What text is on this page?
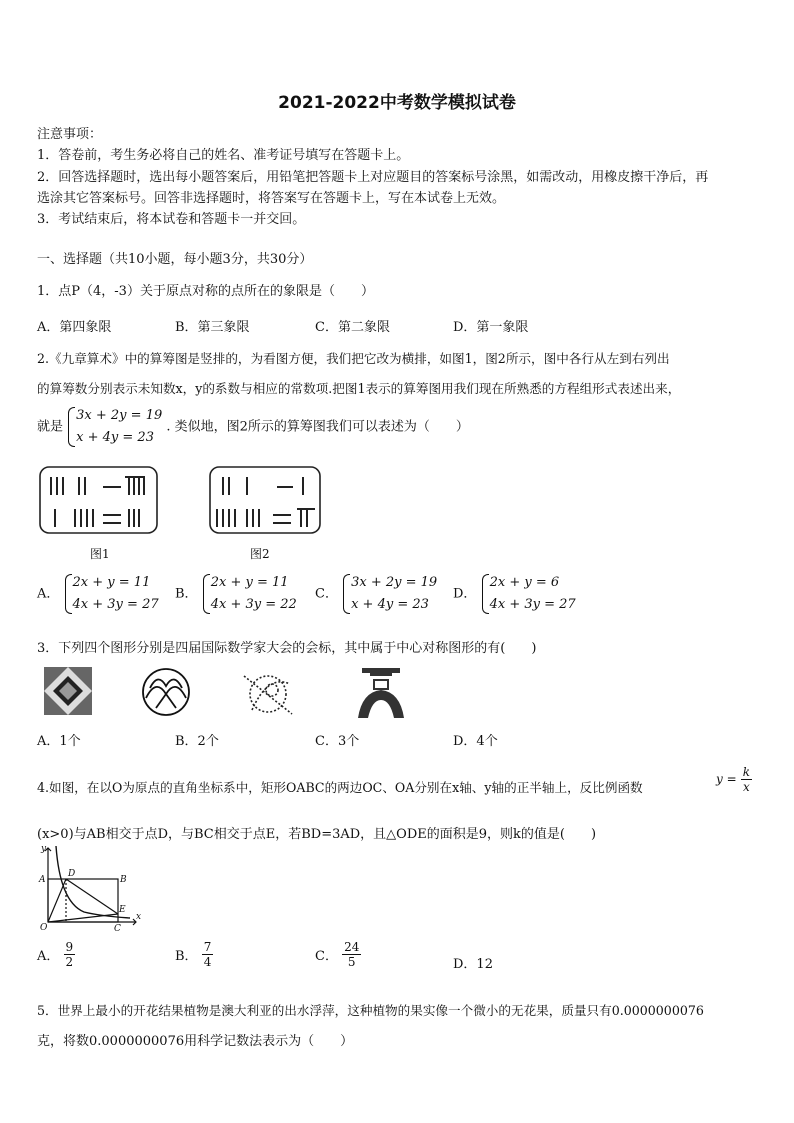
2021-2022中考数学模拟试卷
注意事项：
1．答卷前，考生务必将自己的姓名、准考证号填写在答题卡上。
2．回答选择题时，选出每小题答案后，用铅笔把答题卡上对应题目的答案标号涂黑，如需改动，用橡皮擦干净后，再
选涂其它答案标号。回答非选择题时，将答案写在答题卡上，写在本试卷上无效。
3．考试结束后，将本试卷和答题卡一并交回。
一、选择题（共10小题，每小题3分，共30分）
1．点P（4，-3）关于原点对称的点所在的象限是（　　）
A．第四象限	B．第三象限	C．第二象限	D．第一象限
2.《九章算术》中的算筹图是竖排的，为看图方便，我们把它改为横排，如图1，图2所示，图中各行从左到右列出
的算筹数分别表示未知数x，y的系数与相应的常数项.把图1表示的算筹图用我们现在所熟悉的方程组形式表述出来，
就是
3x + 2y = 19
x + 4y = 23
. 类似地，图2所示的算筹图我们可以表述为（　　）
图1	图2
A．
2x + y = 11
4x + 3y = 27
B．
2x + y = 11
4x + 3y = 22
C．
3x + 2y = 19
x + 4y = 23
D．
2x + y = 6
4x + 3y = 27
3．下列四个图形分别是四届国际数学家大会的会标，其中属于中心对称图形的有(　　)
A．1个	B．2个	C．3个	D．4个
4.如图，在以O为原点的直角坐标系中，矩形OABC的两边OC、OA分别在x轴、y轴的正半轴上，反比例函数
$y = \frac{k}{x}$
(x>0)与AB相交于点D，与BC相交于点E，若BD=3AD，且△ODE的面积是9，则k的值是(　　)
y
A
D
B
E
O	C
x
A． $\frac{9}{2}$	B． $\frac{7}{4}$	C． $\frac{24}{5}$	D．12
5．世界上最小的开花结果植物是澳大利亚的出水浮萍，这种植物的果实像一个微小的无花果，质量只有0.0000000076
克，将数0.0000000076用科学记数法表示为（　　）
